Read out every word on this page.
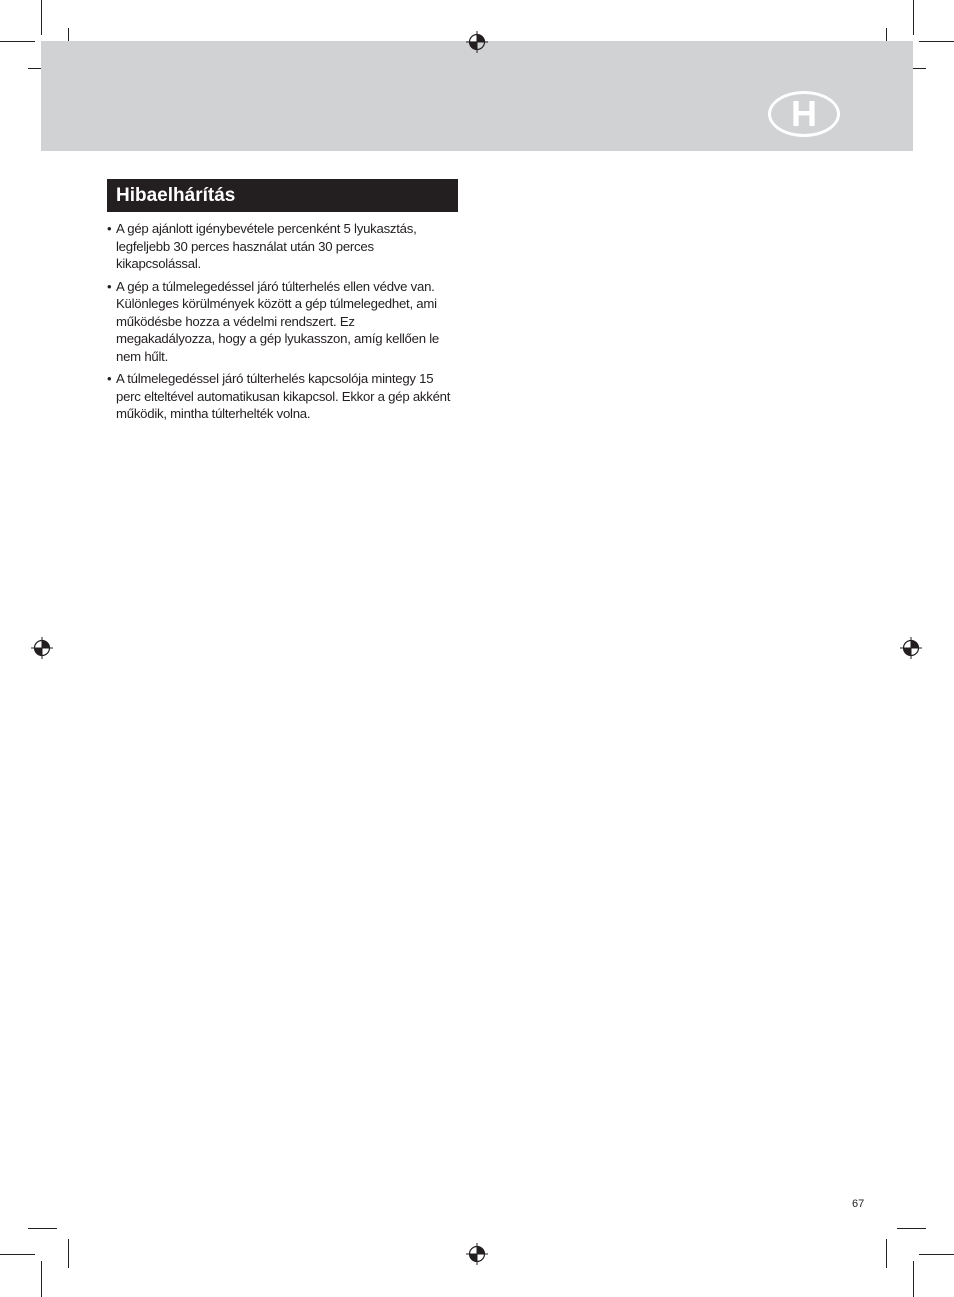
H
Hibaelhárítás
• A gép ajánlott igénybevétele percenként 5 lyukasztás, legfeljebb 30 perces használat után 30 perces kikapcsolással.
• A gép a túlmelegedéssel járó túlterhelés ellen védve van. Különleges körülmények között a gép túlmelegedhet, ami működésbe hozza a védelmi rendszert. Ez megakadályozza, hogy a gép lyukasszon, amíg kellően le nem hűlt.
• A túlmelegedéssel járó túlterhelés kapcsolója mintegy 15 perc elteltével automatikusan kikapcsol. Ekkor a gép akként működik, mintha túlterhelték volna.
67
